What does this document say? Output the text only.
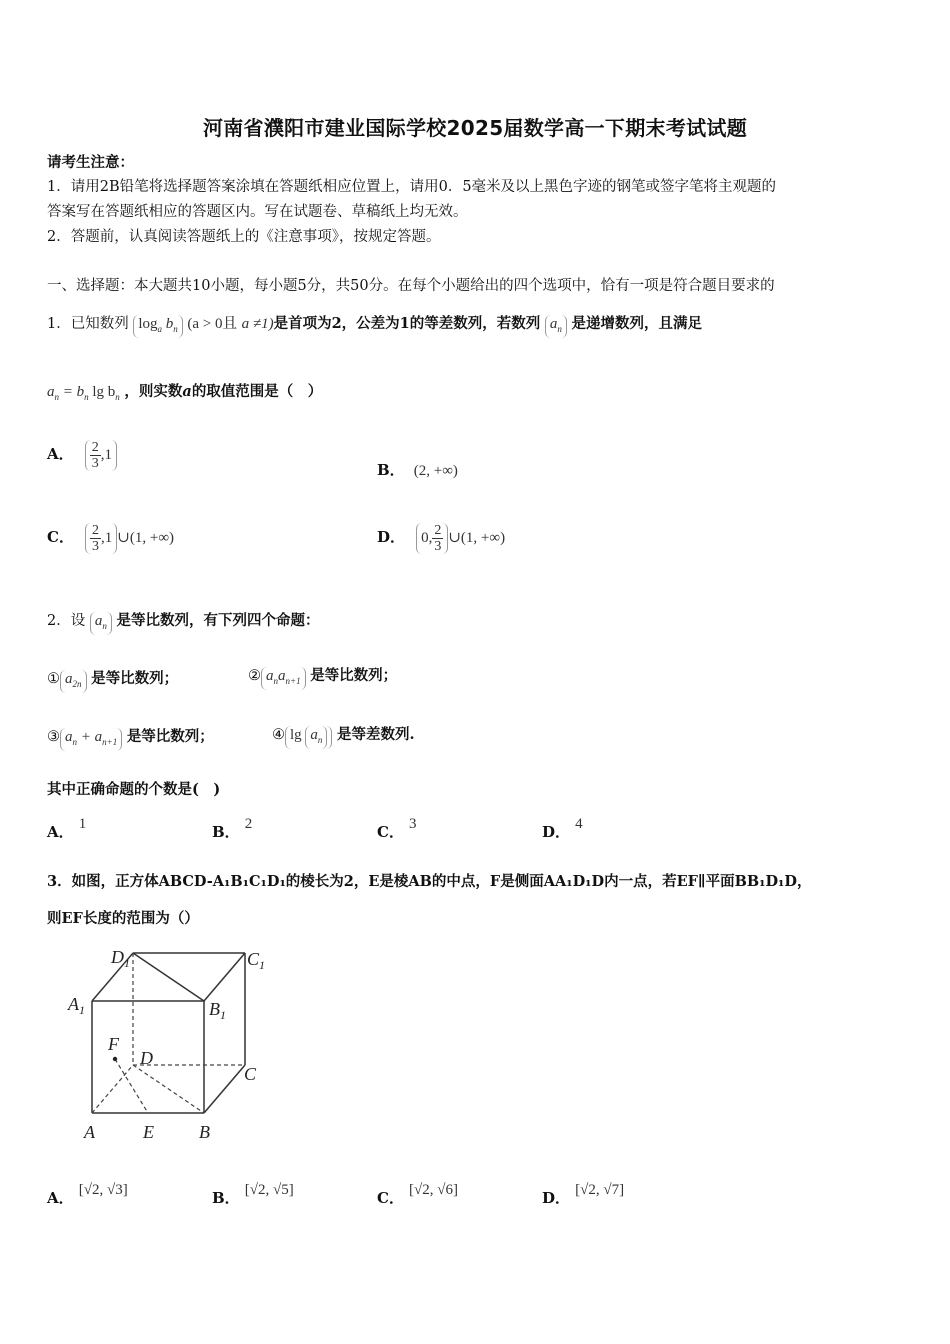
河南省濮阳市建业国际学校2025届数学高一下期末考试试题
请考生注意：
1．请用2B铅笔将选择题答案涂填在答题纸相应位置上，请用0．5毫米及以上黑色字迹的钢笔或签字笔将主观题的
答案写在答题纸相应的答题区内。写在试题卷、草稿纸上均无效。
2．答题前，认真阅读答题纸上的《注意事项》，按规定答题。
一、选择题：本大题共10小题，每小题5分，共50分。在每个小题给出的四个选项中，恰有一项是符合题目要求的
1．已知数列 $\log_a b_n$ (a > 0且 a ≠1)是首项为2，公差为1的等差数列，若数列 $a_n$ 是递增数列，且满足
$a_n = b_n$ $\lg b_n$ ，则实数a的取值范围是（　）
A． $\frac{2}{3} ,1$
B． (2, +∞)
C． $\frac{2}{3} ,1$ ∪(1, +∞)	D． 0, $\frac{2}{3}$ ∪(1, +∞)
2．设 $a_n$ 是等比数列，有下列四个命题：
① $a_{2n}$ 是等比数列；	② $a_na_{n+1}$ 是等比数列；
③ $a_n + a_{n+1}$ 是等比数列；	④ $\lg a_n$ 是等差数列.
其中正确命题的个数是(　)
A． 1	B． 2	C． 3	D． 4
3．如图，正方体ABCD-A₁B₁C₁D₁的棱长为2，E是棱AB的中点，F是侧面AA₁D₁D内一点，若EF∥平面BB₁D₁D，
则EF长度的范围为（）
$D_1$	$C_1$
$A_1$	$B_1$
F
D
C
A	E	B
A． [√2, √3]	B． [√2, √5]	C． [√2, √6]	D． [√2, √7]
